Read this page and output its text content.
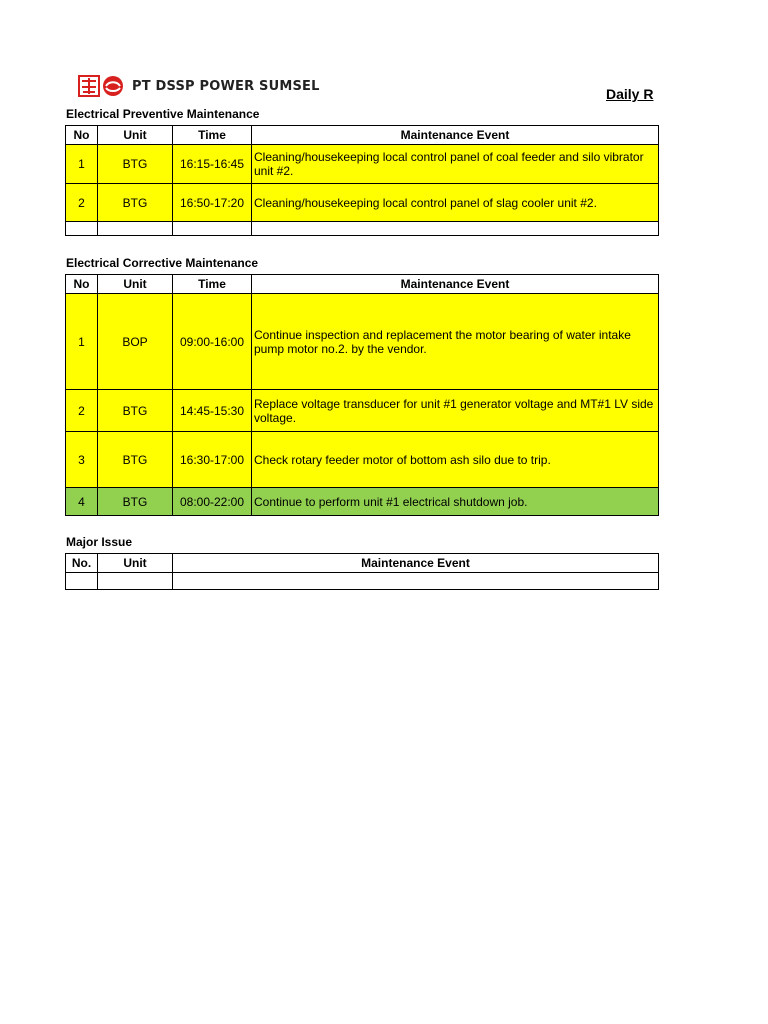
PT DSSP POWER SUMSEL	Daily R
Electrical Preventive Maintenance
No	Unit	Time	Maintenance Event
1	BTG	16:15-16:45	Cleaning/housekeeping local control panel of coal feeder and silo vibrator unit #2.
2	BTG	16:50-17:20	Cleaning/housekeeping local control panel of slag cooler unit #2.

Electrical Corrective Maintenance
No	Unit	Time	Maintenance Event
1	BOP	09:00-16:00	Continue inspection and replacement the motor bearing of water intake pump motor no.2. by the vendor.
2	BTG	14:45-15:30	Replace voltage transducer for unit #1 generator voltage and MT#1 LV side voltage.
3	BTG	16:30-17:00	Check rotary feeder motor of bottom ash silo due to trip.
4	BTG	08:00-22:00	Continue to perform unit #1 electrical shutdown job.
Major Issue
No.	Unit	Maintenance Event
